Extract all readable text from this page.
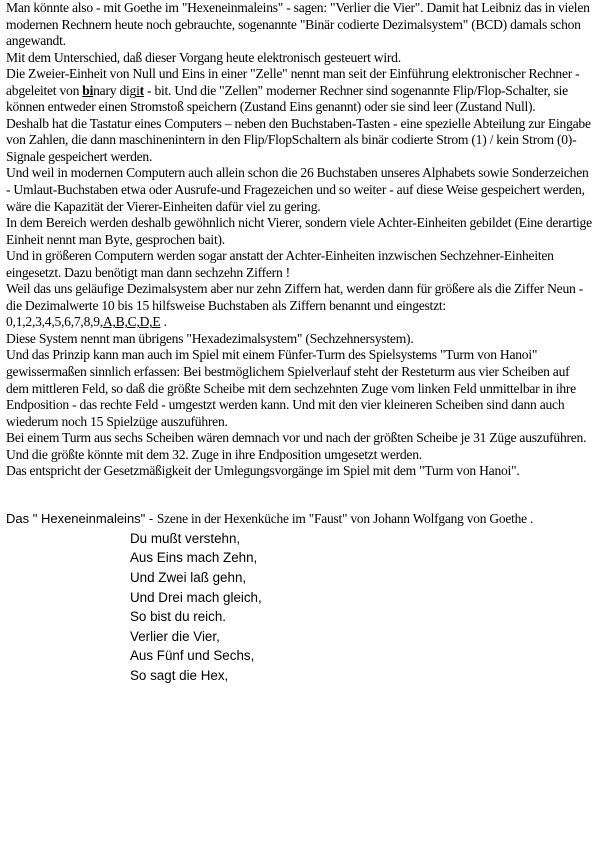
Man könnte also - mit Goethe im "Hexeneinmaleins" - sagen: "Verlier die Vier". Damit hat Leibniz das in vielen modernen Rechnern heute noch gebrauchte, sogenannte "Binär codierte Dezimalsystem" (BCD) damals schon angewandt.

Mit dem Unterschied, daß dieser Vorgang heute elektronisch gesteuert wird.

Die Zweier-Einheit von Null und Eins in einer "Zelle" nennt man seit der Einführung elektronischer Rechner - abgeleitet von binary digit - bit. Und die "Zellen" moderner Rechner sind sogenannte Flip/Flop-Schalter, sie können entweder einen Stromstoß speichern (Zustand Eins genannt) oder sie sind leer (Zustand Null).

Deshalb hat die Tastatur eines Computers – neben den Buchstaben-Tasten - eine spezielle Abteilung zur Eingabe von Zahlen, die dann maschinenintern in den Flip/FlopSchaltern als binär codierte Strom (1) / kein Strom (0)-Signale gespeichert werden.

Und weil in modernen Computern auch allein schon die 26 Buchstaben unseres Alphabets sowie Sonderzeichen - Umlaut-Buchstaben etwa oder Ausrufe-und Fragezeichen und so weiter - auf diese Weise gespeichert werden, wäre die Kapazität der Vierer-Einheiten dafür viel zu gering.

In dem Bereich werden deshalb gewöhnlich nicht Vierer, sondern viele Achter-Einheiten gebildet (Eine derartige Einheit nennt man Byte, gesprochen bait).

Und in größeren Computern werden sogar anstatt der Achter-Einheiten inzwischen Sechzehner-Einheiten eingesetzt. Dazu benötigt man dann sechzehn Ziffern !

Weil das uns geläufige Dezimalsystem aber nur zehn Ziffern hat, werden dann für größere als die Ziffer Neun - die Dezimalwerte 10 bis 15 hilfsweise Buchstaben als Ziffern benannt und eingestzt: 0,1,2,3,4,5,6,7,8,9,A,B,C,D,E .

Diese System nennt man übrigens "Hexadezimalsystem" (Sechzehnersystem).

Und das Prinzip kann man auch im Spiel mit einem Fünfer-Turm des Spielsystems "Turm von Hanoi" gewissermaßen sinnlich erfassen: Bei bestmöglichem Spielverlauf steht der Resteturm aus vier Scheiben auf dem mittleren Feld, so daß die größte Scheibe mit dem sechzehnten Zuge vom linken Feld unmittelbar in ihre Endposition - das rechte Feld - umgestzt werden kann. Und mit den vier kleineren Scheiben sind dann auch wiederum noch 15 Spielzüge auszuführen.

Bei einem Turm aus sechs Scheiben wären demnach vor und nach der größten Scheibe je 31 Züge auszuführen. Und die größte könnte mit dem 32. Zuge in ihre Endposition umgesetzt werden.

Das entspricht der Gesetzmäßigkeit der Umlegungsvorgänge im Spiel mit dem "Turm von Hanoi".

Das " Hexeneinmaleins" - Szene in der Hexenküche im "Faust" von Johann Wolfgang von Goethe .
Du mußt verstehn,
Aus Eins mach Zehn,
Und Zwei laß gehn,
Und Drei mach gleich,
So bist du reich.
Verlier die Vier,
Aus Fünf und Sechs,
So sagt die Hex,
